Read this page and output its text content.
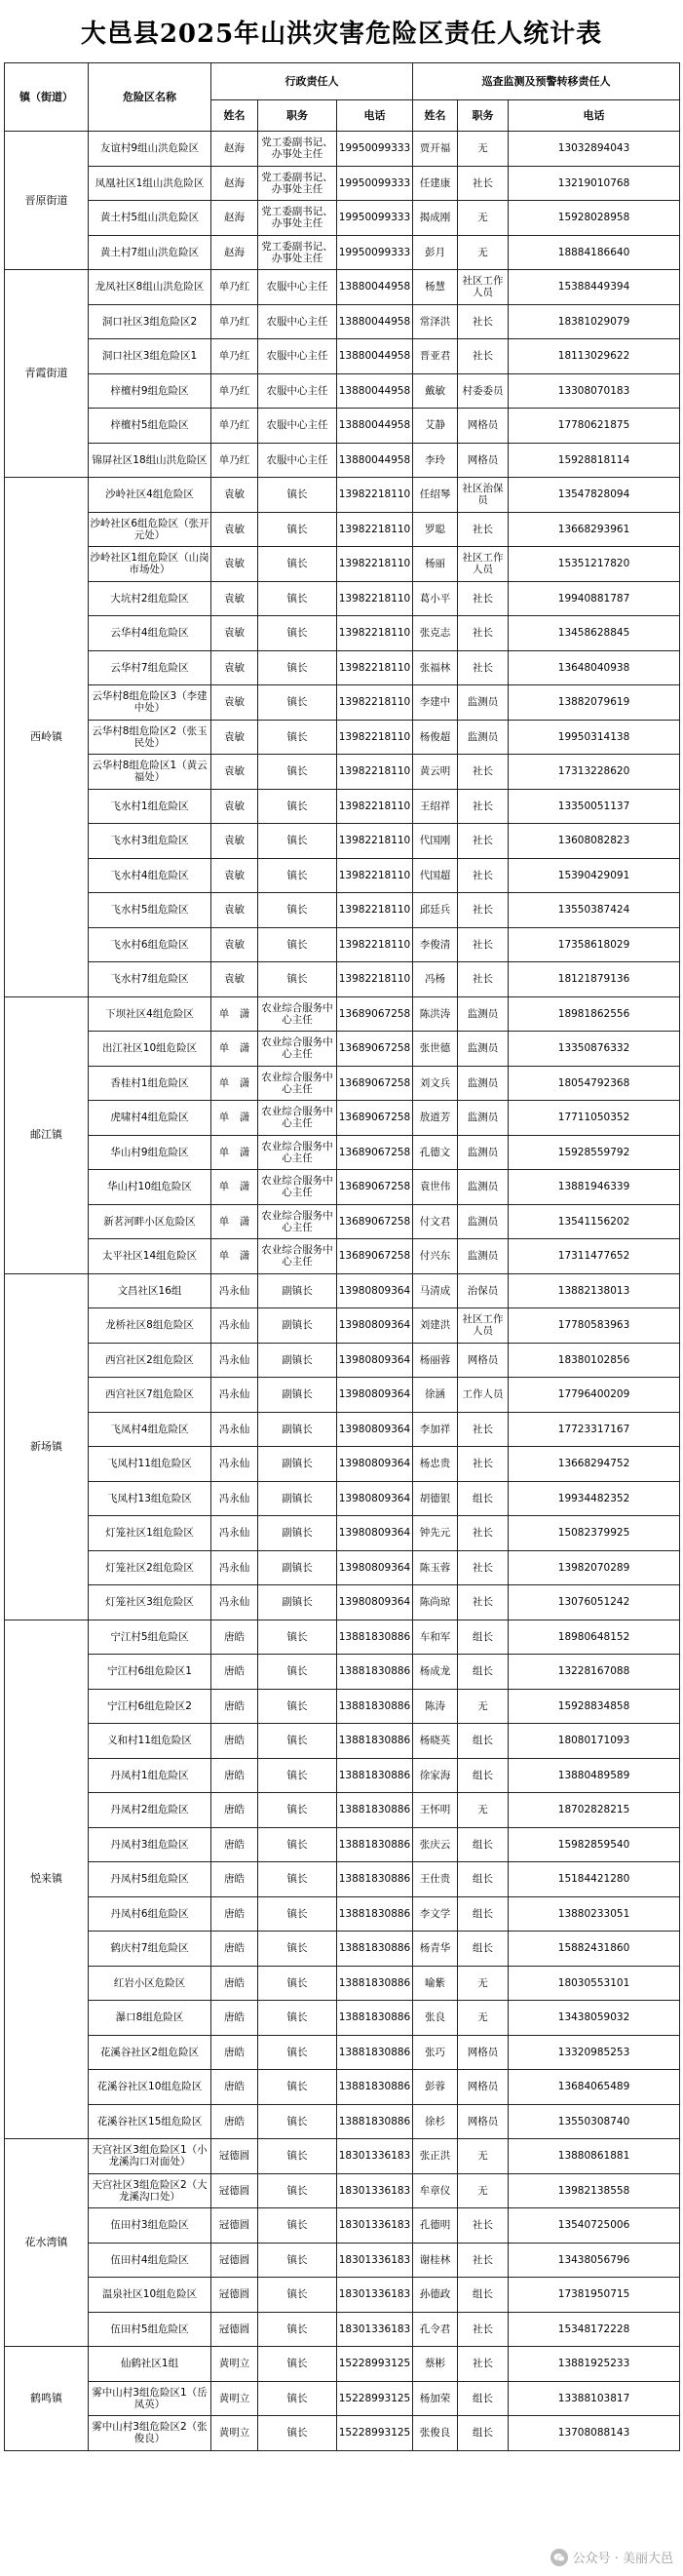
大邑县2025年山洪灾害危险区责任人统计表
镇（街道）	危险区名称	行政责任人			巡查监测及预警转移责任人		
		姓名	职务	电话	姓名	职务	电话
晋原街道	友谊村9组山洪危险区	赵海	党工委副书记、办事处主任	19950099333	贾开福	无	13032894043
	凤凰社区1组山洪危险区	赵海	党工委副书记、办事处主任	19950099333	任建康	社长	13219010768
	黄土村5组山洪危险区	赵海	党工委副书记、办事处主任	19950099333	揭成刚	无	15928028958
	黄土村7组山洪危险区	赵海	党工委副书记、办事处主任	19950099333	彭月	无	18884186640
青霞街道	龙凤社区8组山洪危险区	单乃红	农服中心主任	13880044958	杨慧	社区工作人员	15388449394
	洞口社区3组危险区2	单乃红	农服中心主任	13880044958	常泽洪	社长	18381029079
	洞口社区3组危险区1	单乃红	农服中心主任	13880044958	晋亚君	社长	18113029622
	梓檀村9组危险区	单乃红	农服中心主任	13880044958	戴敏	村委委员	13308070183
	梓檀村5组危险区	单乃红	农服中心主任	13880044958	艾静	网格员	17780621875
	锦屏社区18组山洪危险区	单乃红	农服中心主任	13880044958	李玲	网格员	15928818114
西岭镇	沙岭社区4组危险区	袁敏	镇长	13982218110	任绍琴	社区治保员	13547828094
	沙岭社区6组危险区（张开元处）	袁敏	镇长	13982218110	罗聪	社长	13668293961
	沙岭社区1组危险区（山岗市场处）	袁敏	镇长	13982218110	杨丽	社区工作人员	15351217820
	大坑村2组危险区	袁敏	镇长	13982218110	葛小平	社长	19940881787
	云华村4组危险区	袁敏	镇长	13982218110	张克志	社长	13458628845
	云华村7组危险区	袁敏	镇长	13982218110	张福林	社长	13648040938
	云华村8组危险区3（李建中处）	袁敏	镇长	13982218110	李建中	监测员	13882079619
	云华村8组危险区2（张玉民处）	袁敏	镇长	13982218110	杨俊超	监测员	19950314138
	云华村8组危险区1（黄云福处）	袁敏	镇长	13982218110	黄云明	社长	17313228620
	飞水村1组危险区	袁敏	镇长	13982218110	王绍祥	社长	13350051137
	飞水村3组危险区	袁敏	镇长	13982218110	代国刚	社长	13608082823
	飞水村4组危险区	袁敏	镇长	13982218110	代国超	社长	15390429091
	飞水村5组危险区	袁敏	镇长	13982218110	邱廷兵	社长	13550387424
	飞水村6组危险区	袁敏	镇长	13982218110	李俊清	社长	17358618029
	飞水村7组危险区	袁敏	镇长	13982218110	冯杨	社长	18121879136
邮江镇	下坝社区4组危险区	单　潇	农业综合服务中心主任	13689067258	陈洪涛	监测员	18981862556
	出江社区10组危险区	单　潇	农业综合服务中心主任	13689067258	张世德	监测员	13350876332
	香桂村1组危险区	单　潇	农业综合服务中心主任	13689067258	刘文兵	监测员	18054792368
	虎啸村4组危险区	单　潇	农业综合服务中心主任	13689067258	敖道芳	监测员	17711050352
	华山村9组危险区	单　潇	农业综合服务中心主任	13689067258	孔德文	监测员	15928559792
	华山村10组危险区	单　潇	农业综合服务中心主任	13689067258	袁世伟	监测员	13881946339
	新茗河畔小区危险区	单　潇	农业综合服务中心主任	13689067258	付文君	监测员	13541156202
	太平社区14组危险区	单　潇	农业综合服务中心主任	13689067258	付兴东	监测员	17311477652
新场镇	文昌社区16组	冯永仙	副镇长	13980809364	马清成	治保员	13882138013
	龙桥社区8组危险区	冯永仙	副镇长	13980809364	刘建洪	社区工作人员	17780583963
	西宫社区2组危险区	冯永仙	副镇长	13980809364	杨丽蓉	网格员	18380102856
	西宫社区7组危险区	冯永仙	副镇长	13980809364	徐涵	工作人员	17796400209
	飞凤村4组危险区	冯永仙	副镇长	13980809364	李加祥	社长	17723317167
	飞凤村11组危险区	冯永仙	副镇长	13980809364	杨忠贵	社长	13668294752
	飞凤村13组危险区	冯永仙	副镇长	13980809364	胡德银	组长	19934482352
	灯笼社区1组危险区	冯永仙	副镇长	13980809364	钟先元	社长	15082379925
	灯笼社区2组危险区	冯永仙	副镇长	13980809364	陈玉蓉	社长	13982070289
	灯笼社区3组危险区	冯永仙	副镇长	13980809364	陈尚琼	社长	13076051242
悦来镇	宁江村5组危险区	唐皓	镇长	13881830886	车和军	组长	18980648152
	宁江村6组危险区1	唐皓	镇长	13881830886	杨成龙	组长	13228167088
	宁江村6组危险区2	唐皓	镇长	13881830886	陈涛	无	15928834858
	义和村11组危险区	唐皓	镇长	13881830886	杨晓英	组长	18080171093
	丹凤村1组危险区	唐皓	镇长	13881830886	徐家海	组长	13880489589
	丹凤村2组危险区	唐皓	镇长	13881830886	王怀明	无	18702828215
	丹凤村3组危险区	唐皓	镇长	13881830886	张庆云	组长	15982859540
	丹凤村5组危险区	唐皓	镇长	13881830886	王仕贵	组长	15184421280
	丹凤村6组危险区	唐皓	镇长	13881830886	李文学	组长	13880233051
	鹤庆村7组危险区	唐皓	镇长	13881830886	杨青华	组长	15882431860
	红岩小区危险区	唐皓	镇长	13881830886	喻紫	无	18030553101
	瀑口8组危险区	唐皓	镇长	13881830886	张良	无	13438059032
	花溪谷社区2组危险区	唐皓	镇长	13881830886	张巧	网格员	13320985253
	花溪谷社区10组危险区	唐皓	镇长	13881830886	彭蓉	网格员	13684065489
	花溪谷社区15组危险区	唐皓	镇长	13881830886	徐杉	网格员	13550308740
花水湾镇	天宫社区3组危险区1（小龙溪沟口对面处）	冠德圆	镇长	18301336183	张正洪	无	13880861881
	天宫社区3组危险区2（大龙溪沟口处）	冠德圆	镇长	18301336183	牟章仪	无	13982138558
	伍田村3组危险区	冠德圆	镇长	18301336183	孔德明	社长	13540725006
	伍田村4组危险区	冠德圆	镇长	18301336183	谢桂林	社长	13438056796
	温泉社区10组危险区	冠德圆	镇长	18301336183	孙德政	组长	17381950715
	伍田村5组危险区	冠德圆	镇长	18301336183	孔令君	社长	15348172228
鹤鸣镇	仙鹤社区1组	黄明立	镇长	15228993125	蔡彬	社长	13881925233
	雾中山村3组危险区1（岳凤英）	黄明立	镇长	15228993125	杨加荣	组长	13388103817
	雾中山村3组危险区2（张俊良）	黄明立	镇长	15228993125	张俊良	组长	13708088143
公众号 · 美丽大邑
